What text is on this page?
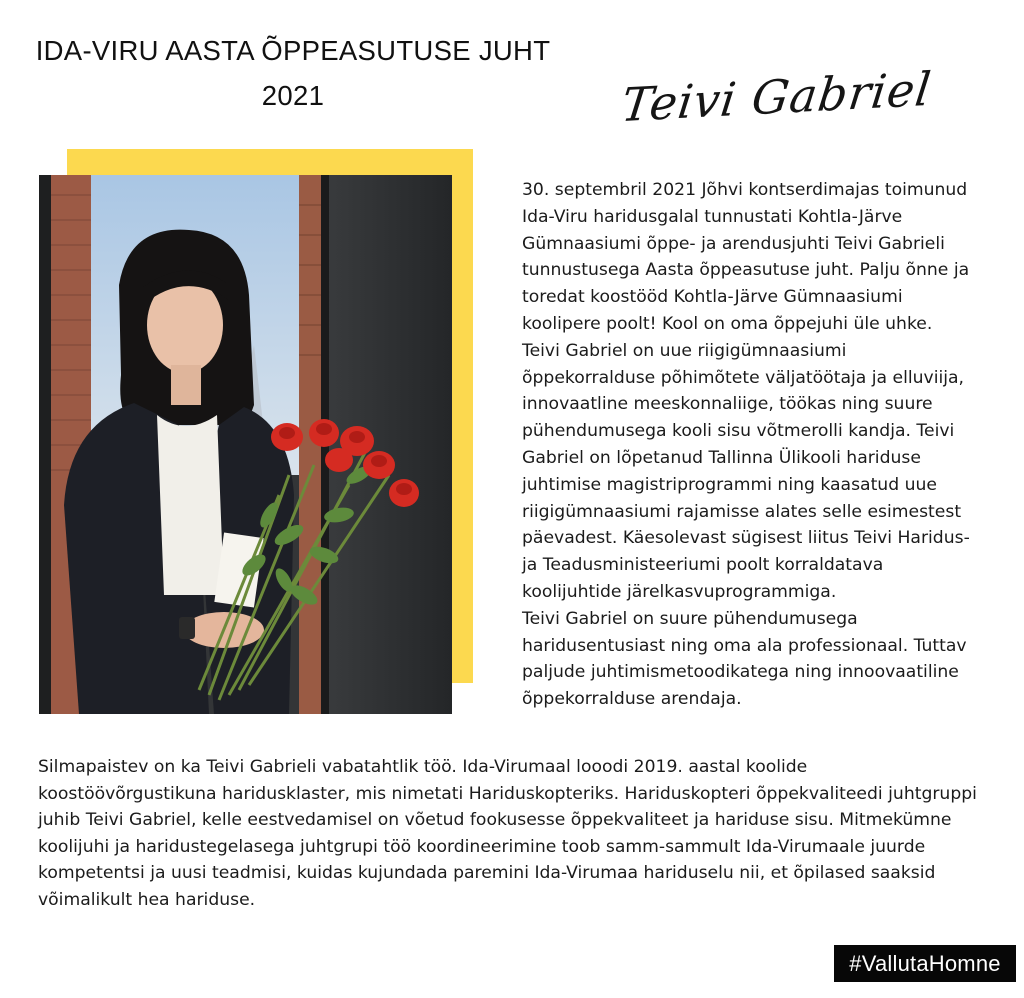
IDA-VIRU AASTA ÕPPEASUTUSE JUHT
2021	Teivi Gabriel

30. septembril 2021 Jõhvi kontserdimajas toimunud Ida-Viru haridusgalal tunnustati Kohtla-Järve Gümnaasiumi õppe- ja arendusjuhti Teivi Gabrieli tunnustusega Aasta õppeasutuse juht. Palju õnne ja toredat koostööd Kohtla-Järve Gümnaasiumi koolipere poolt! Kool on oma õppejuhi üle uhke.

Teivi Gabriel on uue riigigümnaasiumi õppekorralduse põhimõtete väljatöötaja ja elluviija, innovaatline meeskonnaliige, töökas ning suure pühendumusega kooli sisu võtmerolli kandja. Teivi Gabriel on lõpetanud Tallinna Ülikooli hariduse juhtimise magistriprogrammi ning kaasatud uue riigigümnaasiumi rajamisse alates selle esimestest päevadest. Käesolevast sügisest liitus Teivi Haridus- ja Teadusministeeriumi poolt korraldatava koolijuhtide järelkasvuprogrammiga.

Teivi Gabriel on suure pühendumusega haridusentusiast ning oma ala professionaal. Tuttav paljude juhtimismetoodikatega ning innoovaatiline õppekorralduse arendaja.

Silmapaistev on ka Teivi Gabrieli vabatahtlik töö. Ida-Virumaal looodi 2019. aastal koolide koostöövõrgustikuna haridusklaster, mis nimetati Hariduskopteriks. Hariduskopteri õppekvaliteedi juhtgruppi juhib Teivi Gabriel, kelle eestvedamisel on võetud fookusesse õppekvaliteet ja hariduse sisu. Mitmekümne koolijuhi ja haridustegelasega juhtgrupi töö koordineerimine toob samm-sammult Ida-Virumaale juurde kompetentsi ja uusi teadmisi, kuidas kujundada paremini Ida-Virumaa hariduselu nii, et õpilased saaksid võimalikult hea hariduse.

#VallutaHomne
